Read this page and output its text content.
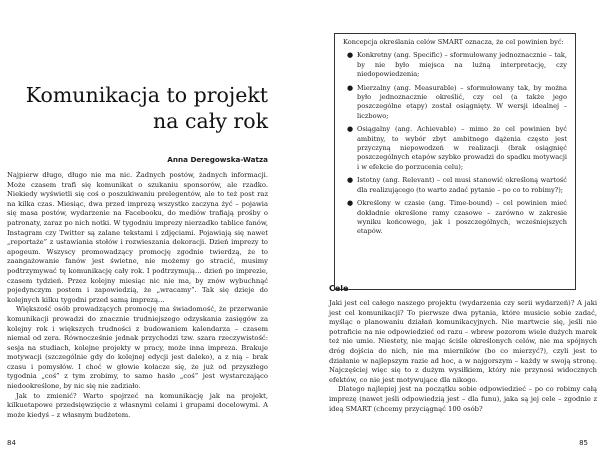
Komunikacja to projekt
na cały rok
Anna Deregowska-Watza

Najpierw długo, długo nie ma nic. Żadnych postów, żadnych informacji. Może czasem trafi się komunikat o szukaniu sponsorów, ale rzadko. Niekiedy wyświetli się coś o poszukiwaniu prelegentów, ale to też post raz na kilka czas. Miesiąc, dwa przed imprezą wszystko zaczyna żyć – pojawia się masa postów, wydarzenie na Facebooku, do mediów trafiają prośby o patronaty, zaraz po nich notki. W tygodniu imprezy nierzadko tablice fanów, Instagram czy Twitter są zalane tekstami i zdjęciami. Pojawiają się nawet „reportaże” z ustawiania stołów i rozwieszania dekoracji. Dzień imprezy to apogeum. Wszyscy promowadzący promocję zgodnie twierdzą, że to zaangażowanie fanów jest świetne, nie możemy go stracić, musimy podtrzymywać tę komunikację cały rok. I podtrzymują… dzień po imprezie, czasem tydzień. Przez kolejny miesiąc nic nie ma, by znów wybuchnąć pojedynczym postem i zapowiedzią, że „wracamy”. Tak się dzieje do kolejnych kilku tygodni przed samą imprezą…

Większość osób prowadzących promocję ma świadomość, że przerwanie komunikacji prowadzi do znacznie trudniejszego odzyskania zasięgów za kolejny rok i większych trudności z budowaniem kalendarza – czasem niemal od zera. Równocześnie jednak przychodzi tzw. szara rzeczywistość: sesja na studiach, kolejne projekty w pracy, może inna impreza. Brakuje motywacji (szczególnie gdy do kolejnej edycji jest daleko), a z nią – brak czasu i pomysłów. I choć w głowie kołacze się, że już od przyszłego tygodnia „coś” z tym zrobimy, to samo hasło „coś” jest wystarczająco niedookreślone, by nic się nie zadziało.

Jak to zmienić? Warto spojrzeć na komunikację jak na projekt, kilkuetapowe przedsięwzięcie z własnymi celami i grupami docelowymi. A może kiedyś – z własnym budżetem.

84

Koncepcja określania celów SMART oznacza, że cel powinien być:

● Konkretny (ang. Specific) – sformułowany jednoznacznie – tak, by nie było miejsca na luźną interpretację, czy niedopowiedzenia;
● Mierzalny (ang. Measurable) – sformułowany tak, by można było jednoznacznie określić, czy cel (a także jego poszczególne etapy) został osiągnięty. W wersji idealnej – liczbowo;
● Osiągalny (ang. Achievable) – mimo że cel powinien być ambitny, to wybór zbyt ambitnego dążenia często jest przyczyną niepowodzeń w realizacji (brak osiągnięć poszczególnych etapów szybko prowadzi do spadku motywacji i w efekcie do porzucenia celu);
● Istotny (ang. Relevant) – cel musi stanowić określoną wartość dla realizującego (to warto zadać pytanie – po co to robimy?);
● Określony w czasie (ang. Time-bound) – cel powinien mieć dokładnie określone ramy czasowe – zarówno w zakresie wyniku końcowego, jak i poszczególnych, wcześniejszych etapów.
Cele

Jaki jest cel całego naszego projektu (wydarzenia czy serii wydarzeń)? A jaki jest cel komunikacji? To pierwsze dwa pytania, które musicie sobie zadać, myśląc o planowaniu działań komunikacyjnych. Nie martwcie się, jeśli nie potraficie na nie odpowiedzieć od razu – wbrew pozorom wiele dużych marek też nie umie. Niestety, nie mając ściśle określonych celów, nie ma spójnych dróg dojścia do nich, nie ma mierników (bo co mierzyć?), czyli jest to działanie w najlepszym razie ad hoc, a w najgorszym – każdy w swoją stronę. Najczęściej więc się to z dużym wysiłkiem, który nie przynosi widocznych efektów, co nie jest motywujące dla nikogo.

Dlatego najlepiej jest na początku sobie odpowiedzieć – po co robimy całą imprezę (nawet jeśli odpowiedzią jest – dla funu), jaka są jej cele – zgodnie z ideą SMART (chcemy przyciągnąć 100 osób?

85
